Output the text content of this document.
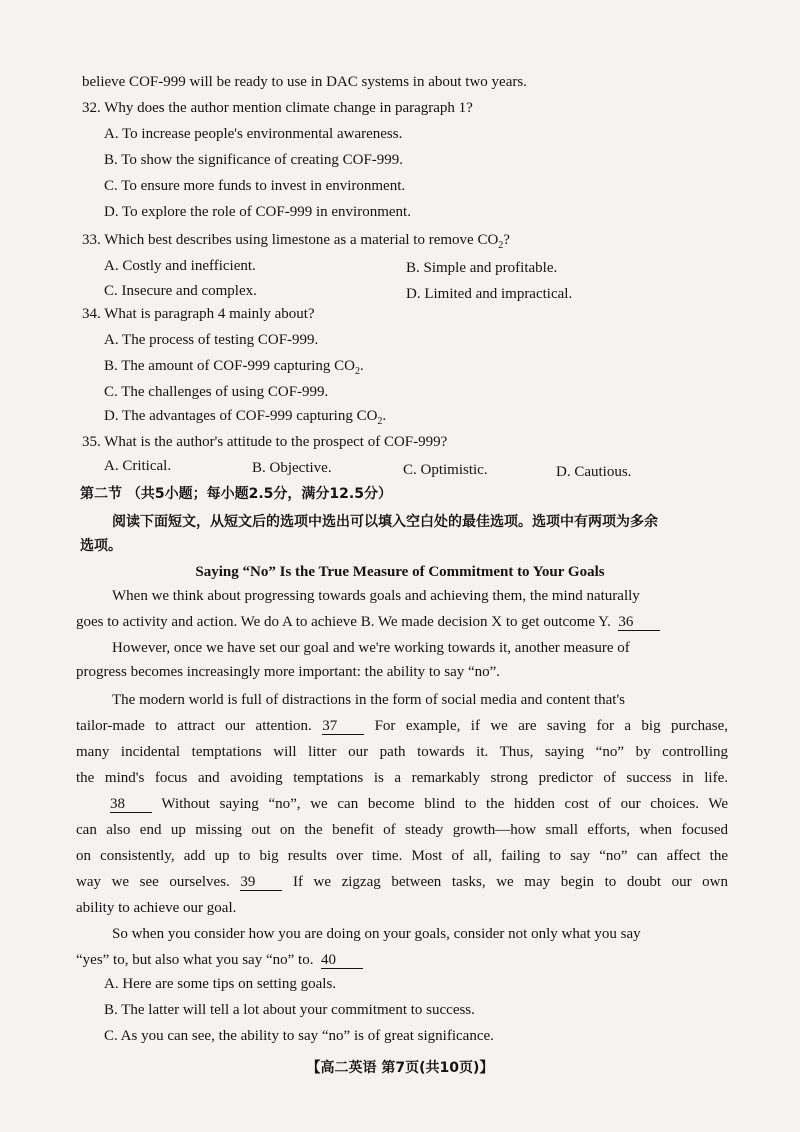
believe COF-999 will be ready to use in DAC systems in about two years.
32. Why does the author mention climate change in paragraph 1?
A. To increase people's environmental awareness.
B. To show the significance of creating COF-999.
C. To ensure more funds to invest in environment.
D. To explore the role of COF-999 in environment.
33. Which best describes using limestone as a material to remove $CO_2$?
A. Costly and inefficient.	B. Simple and profitable.
C. Insecure and complex.	D. Limited and impractical.
34. What is paragraph 4 mainly about?
A. The process of testing COF-999.
B. The amount of COF-999 capturing $CO_2$.
C. The challenges of using COF-999.
D. The advantages of COF-999 capturing $CO_2$.
35. What is the author's attitude to the prospect of COF-999?
A. Critical.	B. Objective.	C. Optimistic.	D. Cautious.
第二节 （共5小题；每小题2.5分，满分12.5分）
阅读下面短文，从短文后的选项中选出可以填入空白处的最佳选项。选项中有两项为多余
选项。
Saying “No” Is the True Measure of Commitment to Your Goals
When we think about progressing towards goals and achieving them, the mind naturally
goes to activity and action. We do A to achieve B. We made decision X to get outcome Y. 36
However, once we have set our goal and we're working towards it, another measure of
progress becomes increasingly more important: the ability to say “no”.
The modern world is full of distractions in the form of social media and content that's
tailor-made to attract our attention. 37 For example, if we are saving for a big purchase,
many incidental temptations will litter our path towards it. Thus, saying “no” by controlling
the mind's focus and avoiding temptations is a remarkably strong predictor of success in life.
38 Without saying “no”, we can become blind to the hidden cost of our choices. We
can also end up missing out on the benefit of steady growth—how small efforts, when focused
on consistently, add up to big results over time. Most of all, failing to say “no” can affect the
way we see ourselves. 39	If we zigzag between tasks, we may begin to doubt our own
ability to achieve our goal.
So when you consider how you are doing on your goals, consider not only what you say
“yes” to, but also what you say “no” to. 40
A. Here are some tips on setting goals.
B. The latter will tell a lot about your commitment to success.
C. As you can see, the ability to say “no” is of great significance.
【高二英语 第7页(共10页)】
